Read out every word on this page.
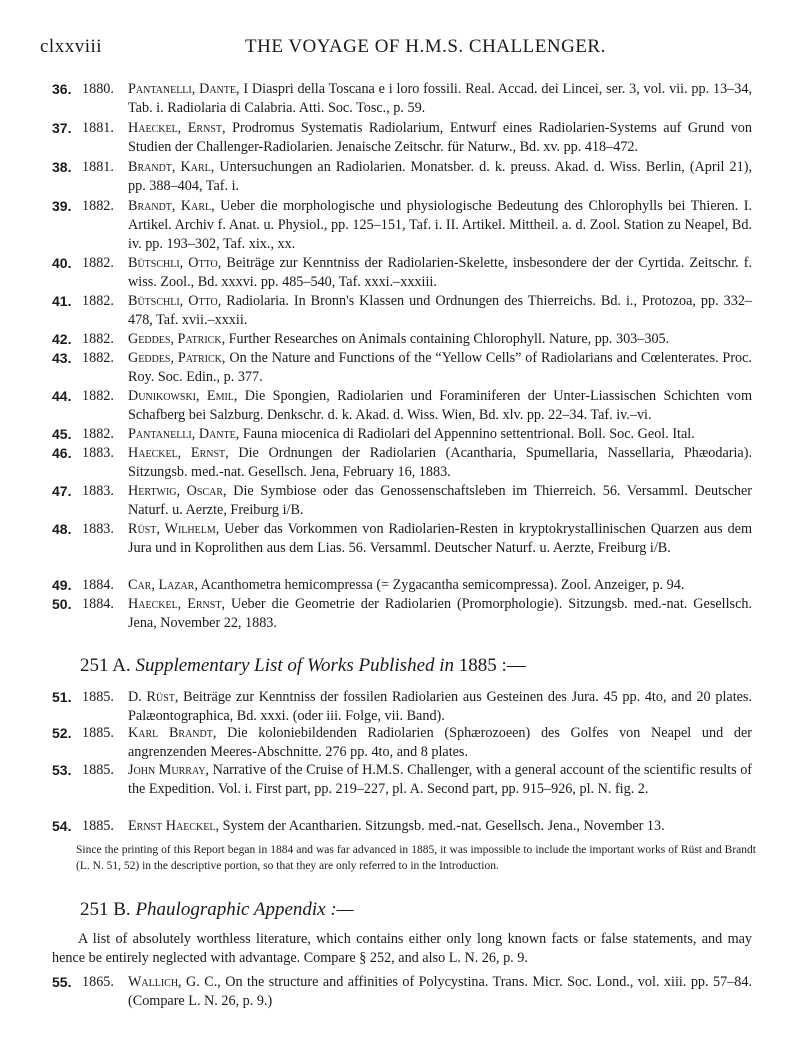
clxxviii	THE VOYAGE OF H.M.S. CHALLENGER.
36. 1880. Pantanelli, Dante, I Diaspri della Toscana e i loro fossili. Real. Accad. dei Lincei, ser. 3, vol. vii. pp. 13–34, Tab. i. Radiolaria di Calabria. Atti. Soc. Tosc., p. 59.
37. 1881. Haeckel, Ernst, Prodromus Systematis Radiolarium, Entwurf eines Radiolarien-Systems auf Grund von Studien der Challenger-Radiolarien. Jenaische Zeitschr. für Naturw., Bd. xv. pp. 418–472.
38. 1881. Brandt, Karl, Untersuchungen an Radiolarien. Monatsber. d. k. preuss. Akad. d. Wiss. Berlin, (April 21), pp. 388–404, Taf. i.
39. 1882. Brandt, Karl, Ueber die morphologische und physiologische Bedeutung des Chlorophylls bei Thieren. I. Artikel. Archiv f. Anat. u. Physiol., pp. 125–151, Taf. i. II. Artikel. Mittheil. a. d. Zool. Station zu Neapel, Bd. iv. pp. 193–302, Taf. xix., xx.
40. 1882. Bütschli, Otto, Beiträge zur Kenntniss der Radiolarien-Skelette, insbesondere der der Cyrtida. Zeitschr. f. wiss. Zool., Bd. xxxvi. pp. 485–540, Taf. xxxi.–xxxiii.
41. 1882. Bütschli, Otto, Radiolaria. In Bronn's Klassen und Ordnungen des Thierreichs. Bd. i., Protozoa, pp. 332–478, Taf. xvii.–xxxii.
42. 1882. Geddes, Patrick, Further Researches on Animals containing Chlorophyll. Nature, pp. 303–305.
43. 1882. Geddes, Patrick, On the Nature and Functions of the “Yellow Cells” of Radiolarians and Cœlenterates. Proc. Roy. Soc. Edin., p. 377.
44. 1882. Dunikowski, Emil, Die Spongien, Radiolarien und Foraminiferen der Unter-Liassischen Schichten vom Schafberg bei Salzburg. Denkschr. d. k. Akad. d. Wiss. Wien, Bd. xlv. pp. 22–34. Taf. iv.–vi.
45. 1882. Pantanelli, Dante, Fauna miocenica di Radiolari del Appennino settentrional. Boll. Soc. Geol. Ital.
46. 1883. Haeckel, Ernst, Die Ordnungen der Radiolarien (Acantharia, Spumellaria, Nassellaria, Phæodaria). Sitzungsb. med.-nat. Gesellsch. Jena, February 16, 1883.
47. 1883. Hertwig, Oscar, Die Symbiose oder das Genossenschaftsleben im Thierreich. 56. Versamml. Deutscher Naturf. u. Aerzte, Freiburg i/B.
48. 1883. Rüst, Wilhelm, Ueber das Vorkommen von Radiolarien-Resten in kryptokrystallinischen Quarzen aus dem Jura und in Koprolithen aus dem Lias. 56. Versamml. Deutscher Naturf. u. Aerzte, Freiburg i/B.
49. 1884. Car, Lazar, Acanthometra hemicompressa (= Zygacantha semicompressa). Zool. Anzeiger, p. 94.
50. 1884. Haeckel, Ernst, Ueber die Geometrie der Radiolarien (Promorphologie). Sitzungsb. med.-nat. Gesellsch. Jena, November 22, 1883.
251 A. Supplementary List of Works Published in 1885 :—
51. 1885. D. Rüst, Beiträge zur Kenntniss der fossilen Radiolarien aus Gesteinen des Jura. 45 pp. 4to, and 20 plates. Palæontographica, Bd. xxxi. (oder iii. Folge, vii. Band).
52. 1885. Karl Brandt, Die koloniebildenden Radiolarien (Sphærozoeen) des Golfes von Neapel und der angrenzenden Meeres-Abschnitte. 276 pp. 4to, and 8 plates.
53. 1885. John Murray, Narrative of the Cruise of H.M.S. Challenger, with a general account of the scientific results of the Expedition. Vol. i. First part, pp. 219–227, pl. A. Second part, pp. 915–926, pl. N. fig. 2.
54. 1885. Ernst Haeckel, System der Acantharien. Sitzungsb. med.-nat. Gesellsch. Jena., November 13.
Since the printing of this Report began in 1884 and was far advanced in 1885, it was impossible to include the important works of Rüst and Brandt (L. N. 51, 52) in the descriptive portion, so that they are only referred to in the Introduction.
251 B. Phaulographic Appendix :—
A list of absolutely worthless literature, which contains either only long known facts or false statements, and may hence be entirely neglected with advantage. Compare § 252, and also L. N. 26, p. 9.
55. 1865. Wallich, G. C., On the structure and affinities of Polycystina. Trans. Micr. Soc. Lond., vol. xiii. pp. 57–84. (Compare L. N. 26, p. 9.)
